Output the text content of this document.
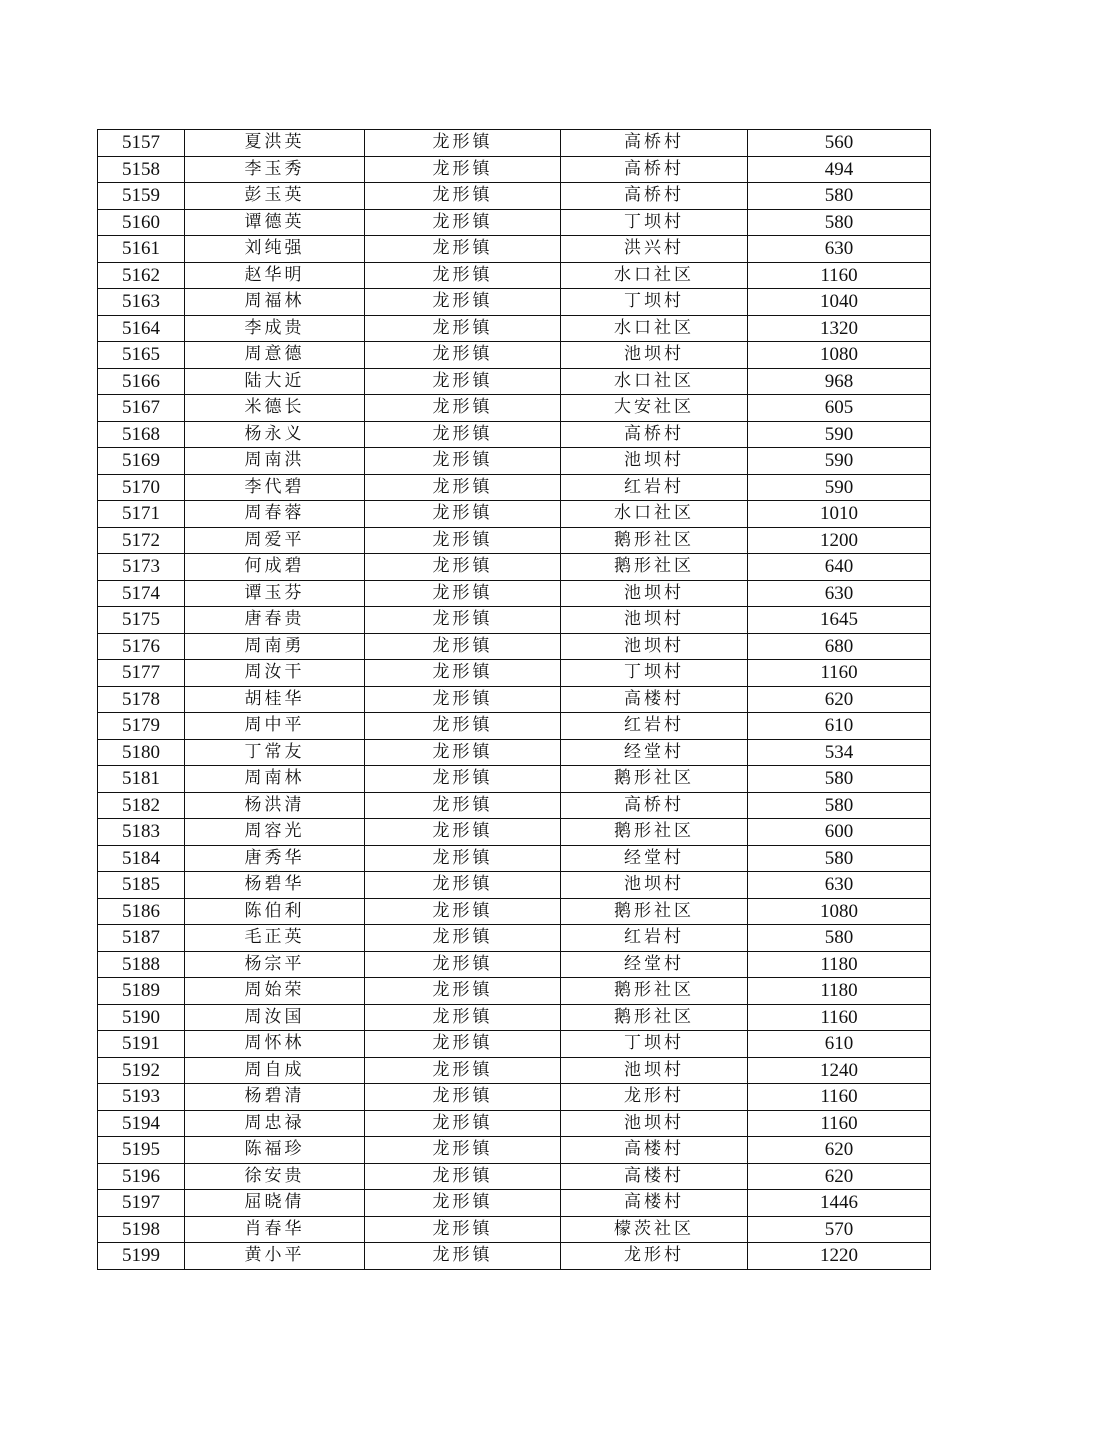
5157	夏洪英	龙形镇	高桥村	560
5158	李玉秀	龙形镇	高桥村	494
5159	彭玉英	龙形镇	高桥村	580
5160	谭德英	龙形镇	丁坝村	580
5161	刘纯强	龙形镇	洪兴村	630
5162	赵华明	龙形镇	水口社区	1160
5163	周福林	龙形镇	丁坝村	1040
5164	李成贵	龙形镇	水口社区	1320
5165	周意德	龙形镇	池坝村	1080
5166	陆大近	龙形镇	水口社区	968
5167	米德长	龙形镇	大安社区	605
5168	杨永义	龙形镇	高桥村	590
5169	周南洪	龙形镇	池坝村	590
5170	李代碧	龙形镇	红岩村	590
5171	周春蓉	龙形镇	水口社区	1010
5172	周爱平	龙形镇	鹅形社区	1200
5173	何成碧	龙形镇	鹅形社区	640
5174	谭玉芬	龙形镇	池坝村	630
5175	唐春贵	龙形镇	池坝村	1645
5176	周南勇	龙形镇	池坝村	680
5177	周汝干	龙形镇	丁坝村	1160
5178	胡桂华	龙形镇	高楼村	620
5179	周中平	龙形镇	红岩村	610
5180	丁常友	龙形镇	经堂村	534
5181	周南林	龙形镇	鹅形社区	580
5182	杨洪清	龙形镇	高桥村	580
5183	周容光	龙形镇	鹅形社区	600
5184	唐秀华	龙形镇	经堂村	580
5185	杨碧华	龙形镇	池坝村	630
5186	陈伯利	龙形镇	鹅形社区	1080
5187	毛正英	龙形镇	红岩村	580
5188	杨宗平	龙形镇	经堂村	1180
5189	周始荣	龙形镇	鹅形社区	1180
5190	周汝国	龙形镇	鹅形社区	1160
5191	周怀林	龙形镇	丁坝村	610
5192	周自成	龙形镇	池坝村	1240
5193	杨碧清	龙形镇	龙形村	1160
5194	周忠禄	龙形镇	池坝村	1160
5195	陈福珍	龙形镇	高楼村	620
5196	徐安贵	龙形镇	高楼村	620
5197	屈晓倩	龙形镇	高楼村	1446
5198	肖春华	龙形镇	檬茨社区	570
5199	黄小平	龙形镇	龙形村	1220
